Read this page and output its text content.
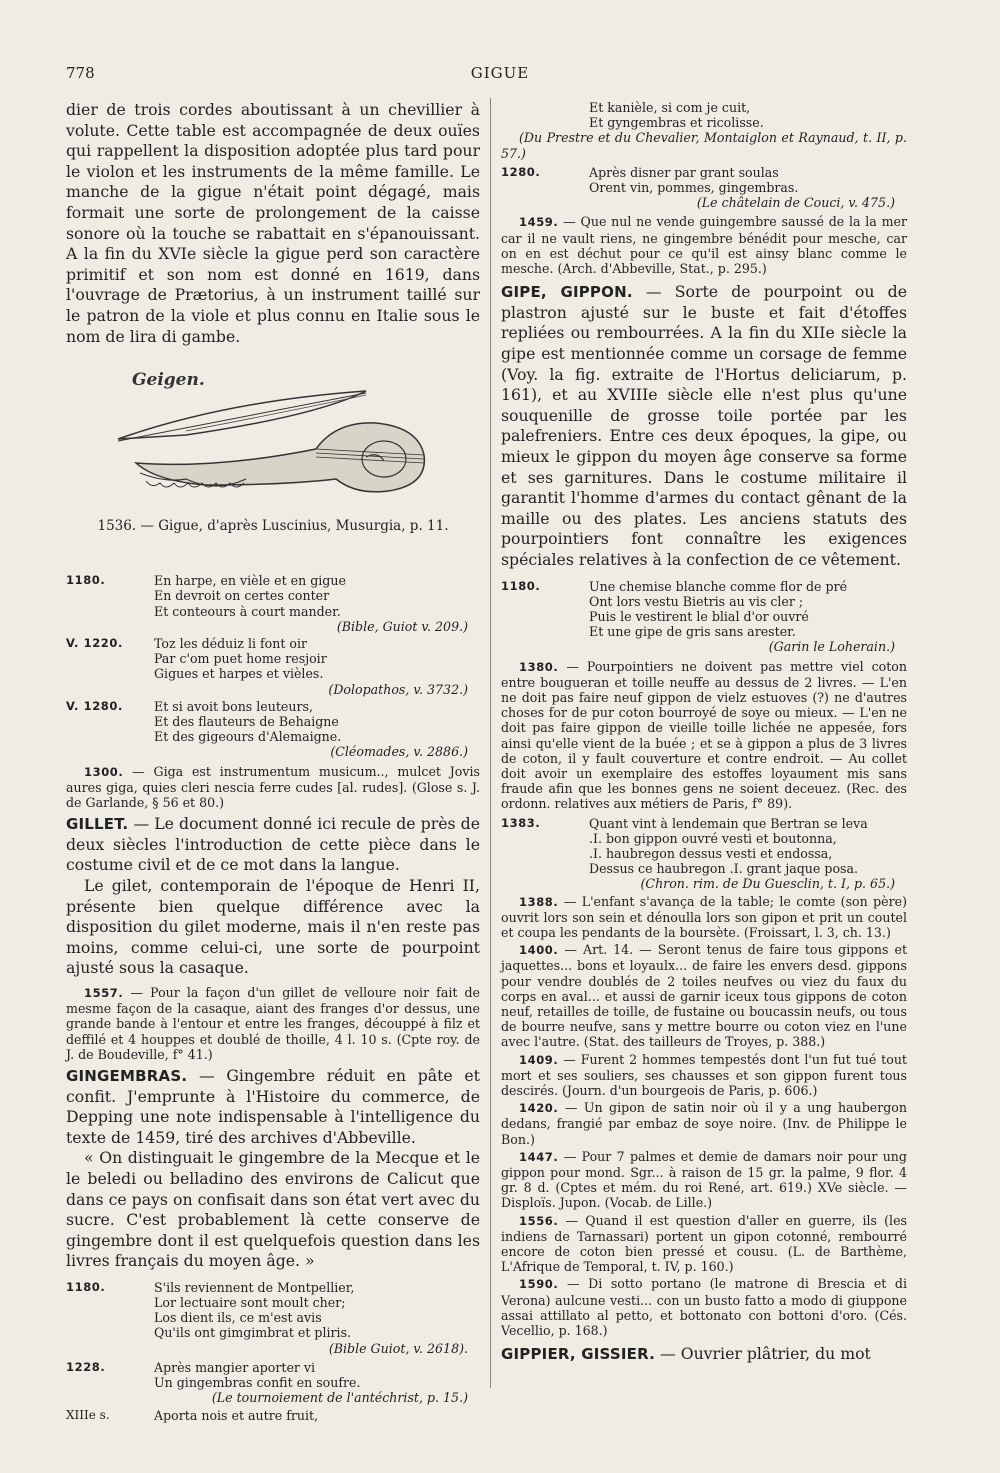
778	GIGUE

dier de trois cordes aboutissant à un chevillier à volute. Cette table est accompagnée de deux ouïes qui rappellent la disposition adoptée plus tard pour le violon et les instruments de la même famille. Le manche de la gigue n'était point dégagé, mais formait une sorte de prolongement de la caisse sonore où la touche se rabattait en s'épanouissant. A la fin du XVIe siècle la gigue perd son caractère primitif et son nom est donné en 1619, dans l'ouvrage de Prætorius, à un instrument taillé sur le patron de la viole et plus connu en Italie sous le nom de lira di gambe.

Geigen.

1536. — Gigue, d'après Luscinius, Musurgia, p. 11.

1180.	En harpe, en vièle et en gigue
En devroit on certes conter
Et conteours à court mander.
(Bible, Guiot v. 209.)
V. 1220.	Toz les déduiz li font oir
Par c'om puet home resjoir
Gigues et harpes et vièles.
(Dolopathos, v. 3732.)
V. 1280.	Et si avoit bons leuteurs,
Et des flauteurs de Behaigne
Et des gigeours d'Alemaigne.
(Cléomades, v. 2886.)

1300. — Giga est instrumentum musicum.., mulcet Jovis aures giga, quies cleri nescia ferre cudes [al. rudes]. (Glose s. J. de Garlande, § 56 et 80.)

GILLET. — Le document donné ici recule de près de deux siècles l'introduction de cette pièce dans le costume civil et de ce mot dans la langue.

Le gilet, contemporain de l'époque de Henri II, présente bien quelque différence avec la disposition du gilet moderne, mais il n'en reste pas moins, comme celui-ci, une sorte de pourpoint ajusté sous la casaque.

1557. — Pour la façon d'un gillet de velloure noir fait de mesme façon de la casaque, aiant des franges d'or dessus, une grande bande à l'entour et entre les franges, découppé à filz et deffilé et 4 houppes et doublé de thoille, 4 l. 10 s. (Cpte roy. de J. de Boudeville, f° 41.)

GINGEMBRAS. — Gingembre réduit en pâte et confit. J'emprunte à l'Histoire du commerce, de Depping une note indispensable à l'intelligence du texte de 1459, tiré des archives d'Abbeville.

« On distinguait le gingembre de la Mecque et le le beledi ou belladino des environs de Calicut que dans ce pays on confisait dans son état vert avec du sucre. C'est probablement là cette conserve de gingembre dont il est quelquefois question dans les livres français du moyen âge. »

1180.	S'ils reviennent de Montpellier,
Lor lectuaire sont moult cher;
Los dient ils, ce m'est avis
Qu'ils ont gimgimbrat et pliris.
(Bible Guiot, v. 2618).
1228.	Après mangier aporter vi
Un gingembras confit en soufre.
(Le tournoiement de l'antéchrist, p. 15.)
XIIIe s.	Aporta nois et autre fruit,
Et kanièle, si com je cuit,
Et gyngembras et ricolisse.

(Du Prestre et du Chevalier, Montaiglon et Raynaud, t. II, p. 57.)

1280.	Après disner par grant soulas
Orent vin, pommes, gingembras.
(Le châtelain de Couci, v. 475.)

1459. — Que nul ne vende guingembre saussé de la la mer car il ne vault riens, ne gingembre bénédit pour mesche, car on en est déchut pour ce qu'il est ainsy blanc comme le mesche. (Arch. d'Abbeville, Stat., p. 295.)

GIPE, GIPPON. — Sorte de pourpoint ou de plastron ajusté sur le buste et fait d'étoffes repliées ou rembourrées. A la fin du XIIe siècle la gipe est mentionnée comme un corsage de femme (Voy. la fig. extraite de l'Hortus deliciarum, p. 161), et au XVIIIe siècle elle n'est plus qu'une souquenille de grosse toile portée par les palefreniers. Entre ces deux époques, la gipe, ou mieux le gippon du moyen âge conserve sa forme et ses garnitures. Dans le costume militaire il garantit l'homme d'armes du contact gênant de la maille ou des plates. Les anciens statuts des pourpointiers font connaître les exigences spéciales relatives à la confection de ce vêtement.

1180.	Une chemise blanche comme flor de pré
Ont lors vestu Bietris au vis cler ;
Puis le vestirent le blial d'or ouvré
Et une gipe de gris sans arester.
(Garin le Loherain.)

1380. — Pourpointiers ne doivent pas mettre viel coton entre bougueran et toille neuffe au dessus de 2 livres. — L'en ne doit pas faire neuf gippon de vielz estuoves (?) ne d'autres choses for de pur coton bourroyé de soye ou mieux. — L'en ne doit pas faire gippon de vieille toille lichée ne appesée, fors ainsi qu'elle vient de la buée ; et se à gippon a plus de 3 livres de coton, il y fault couverture et contre endroit. — Au collet doit avoir un exemplaire des estoffes loyaument mis sans fraude afin que les bonnes gens ne soient deceuez. (Rec. des ordonn. relatives aux métiers de Paris, f° 89).

1383.	Quant vint à lendemain que Bertran se leva
.I. bon gippon ouvré vesti et boutonna,
.I. haubregon dessus vesti et endossa,
Dessus ce haubregon .I. grant jaque posa.
(Chron. rim. de Du Guesclin, t. I, p. 65.)

1388. — L'enfant s'avança de la table; le comte (son père) ouvrit lors son sein et dénoulla lors son gipon et prit un coutel et coupa les pendants de la boursète. (Froissart, l. 3, ch. 13.)

1400. — Art. 14. — Seront tenus de faire tous gippons et jaquettes... bons et loyaulx... de faire les envers desd. gippons pour vendre doublés de 2 toiles neufves ou viez du faux du corps en aval... et aussi de garnir iceux tous gippons de coton neuf, retailles de toille, de fustaine ou boucassin neufs, ou tous de bourre neufve, sans y mettre bourre ou coton viez en l'une avec l'autre. (Stat. des tailleurs de Troyes, p. 388.)

1409. — Furent 2 hommes tempestés dont l'un fut tué tout mort et ses souliers, ses chausses et son gippon furent tous descirés. (Journ. d'un bourgeois de Paris, p. 606.)

1420. — Un gipon de satin noir où il y a ung haubergon dedans, frangié par embaz de soye noire. (Inv. de Philippe le Bon.)

1447. — Pour 7 palmes et demie de damars noir pour ung gippon pour mond. Sgr... à raison de 15 gr. la palme, 9 flor. 4 gr. 8 d. (Cptes et mém. du roi René, art. 619.) XVe siècle. — Disploïs. Jupon. (Vocab. de Lille.)

1556. — Quand il est question d'aller en guerre, ils (les indiens de Tarnassari) portent un gipon cotonné, rembourré encore de coton bien pressé et cousu. (L. de Barthème, L'Afrique de Temporal, t. IV, p. 160.)

1590. — Di sotto portano (le matrone di Brescia et di Verona) aulcune vesti... con un busto fatto a modo di giuppone assai attillato al petto, et bottonato con bottoni d'oro. (Cés. Vecellio, p. 168.)

GIPPIER, GISSIER. — Ouvrier plâtrier, du mot
